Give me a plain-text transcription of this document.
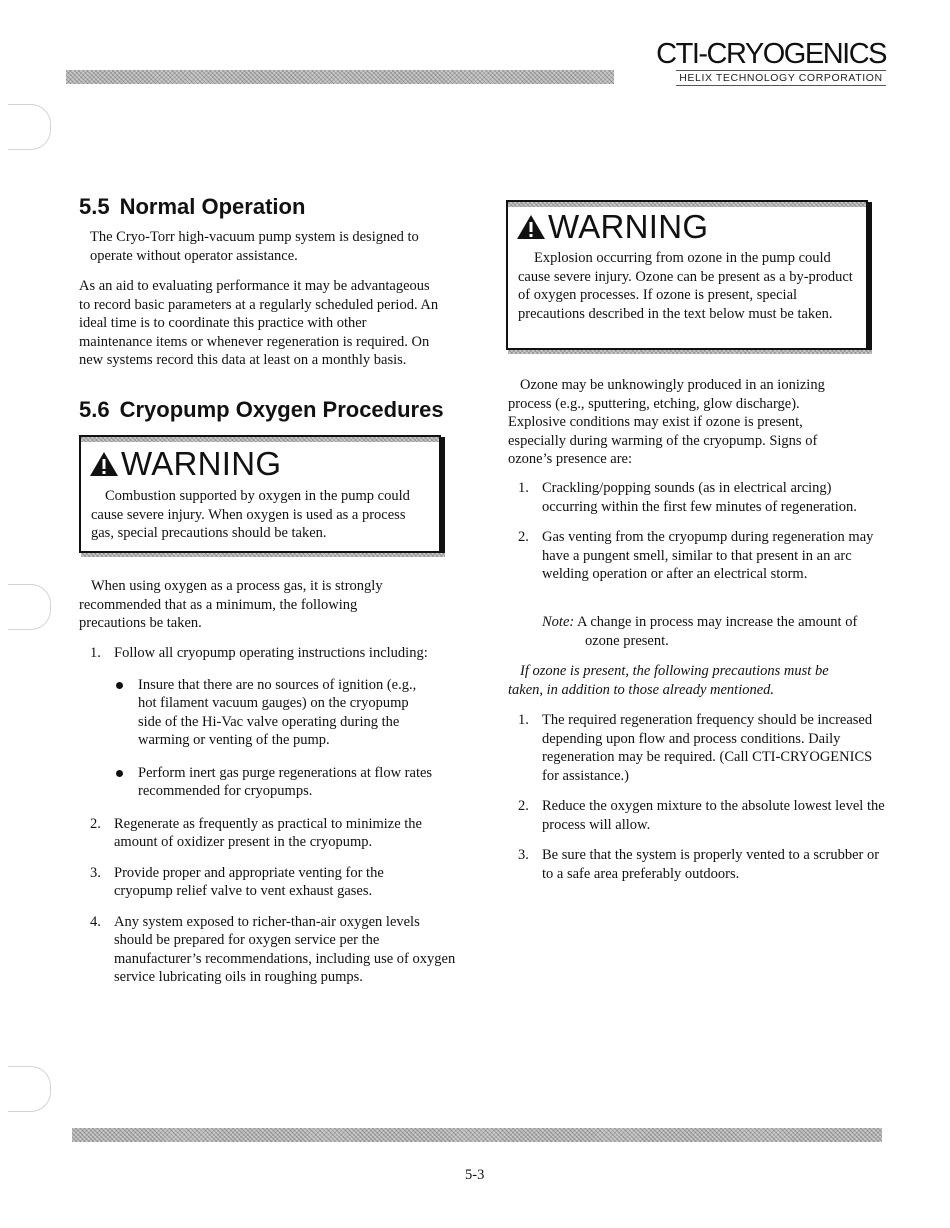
CTI-CRYOGENICS
HELIX TECHNOLOGY CORPORATION
5.5 Normal Operation

The Cryo-Torr high-vacuum pump system is designed to operate without operator assistance.

As an aid to evaluating performance it may be advantageous to record basic parameters at a regularly scheduled period. An ideal time is to coordinate this practice with other maintenance items or whenever regeneration is required. On new systems record this data at least on a monthly basis.

5.6 Cryopump Oxygen Procedures
WARNING

Combustion supported by oxygen in the pump could cause severe injury. When oxygen is used as a process gas, special precautions should be taken.

When using oxygen as a process gas, it is strongly recommended that as a minimum, the following precautions be taken.

1. Follow all cryopump operating instructions including:
Insure that there are no sources of ignition (e.g., hot filament vacuum gauges) on the cryopump side of the Hi-Vac valve operating during the warming or venting of the pump.
Perform inert gas purge regenerations at flow rates recommended for cryopumps.
2. Regenerate as frequently as practical to minimize the amount of oxidizer present in the cryopump.
3. Provide proper and appropriate venting for the cryopump relief valve to vent exhaust gases.
4. Any system exposed to richer-than-air oxygen levels should be prepared for oxygen service per the manufacturer’s recommendations, including use of oxygen service lubricating oils in roughing pumps.
WARNING

Explosion occurring from ozone in the pump could cause severe injury. Ozone can be present as a by-product of oxygen processes. If ozone is present, special precautions described in the text below must be taken.

Ozone may be unknowingly produced in an ionizing process (e.g., sputtering, etching, glow discharge). Explosive conditions may exist if ozone is present, especially during warming of the cryopump. Signs of ozone’s presence are:

1. Crackling/popping sounds (as in electrical arcing) occurring within the first few minutes of regeneration.
2. Gas venting from the cryopump during regeneration may have a pungent smell, similar to that present in an arc welding operation or after an electrical storm.
Note: A change in process may increase the amount of ozone present.

If ozone is present, the following precautions must be taken, in addition to those already mentioned.

1. The required regeneration frequency should be increased depending upon flow and process conditions. Daily regeneration may be required. (Call CTI-CRYOGENICS for assistance.)
2. Reduce the oxygen mixture to the absolute lowest level the process will allow.
3. Be sure that the system is properly vented to a scrubber or to a safe area preferably outdoors.
5-3
